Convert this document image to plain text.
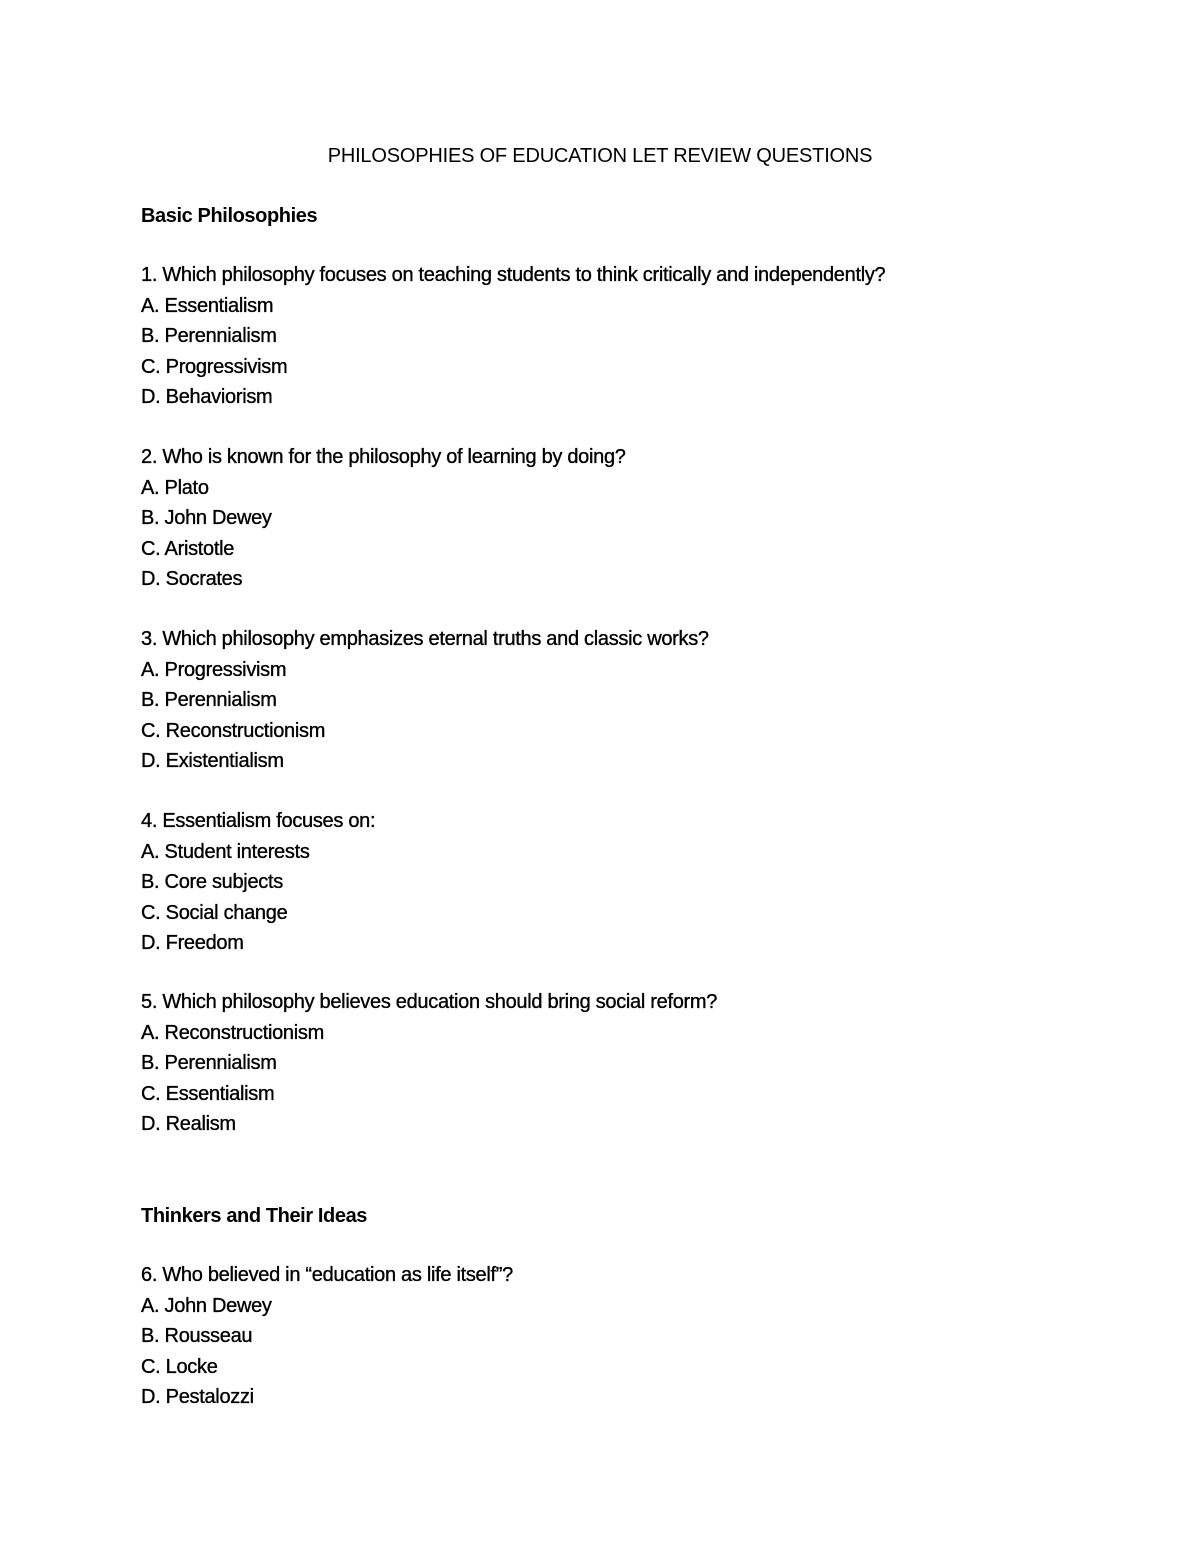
PHILOSOPHIES OF EDUCATION LET REVIEW QUESTIONS
Basic Philosophies

1. Which philosophy focuses on teaching students to think critically and independently?

A. Essentialism
B. Perennialism
C. Progressivism
D. Behaviorism

2. Who is known for the philosophy of learning by doing?

A. Plato
B. John Dewey
C. Aristotle
D. Socrates

3. Which philosophy emphasizes eternal truths and classic works?

A. Progressivism
B. Perennialism
C. Reconstructionism
D. Existentialism

4. Essentialism focuses on:

A. Student interests
B. Core subjects
C. Social change
D. Freedom

5. Which philosophy believes education should bring social reform?

A. Reconstructionism
B. Perennialism
C. Essentialism
D. Realism
Thinkers and Their Ideas

6. Who believed in “education as life itself”?

A. John Dewey
B. Rousseau
C. Locke
D. Pestalozzi
